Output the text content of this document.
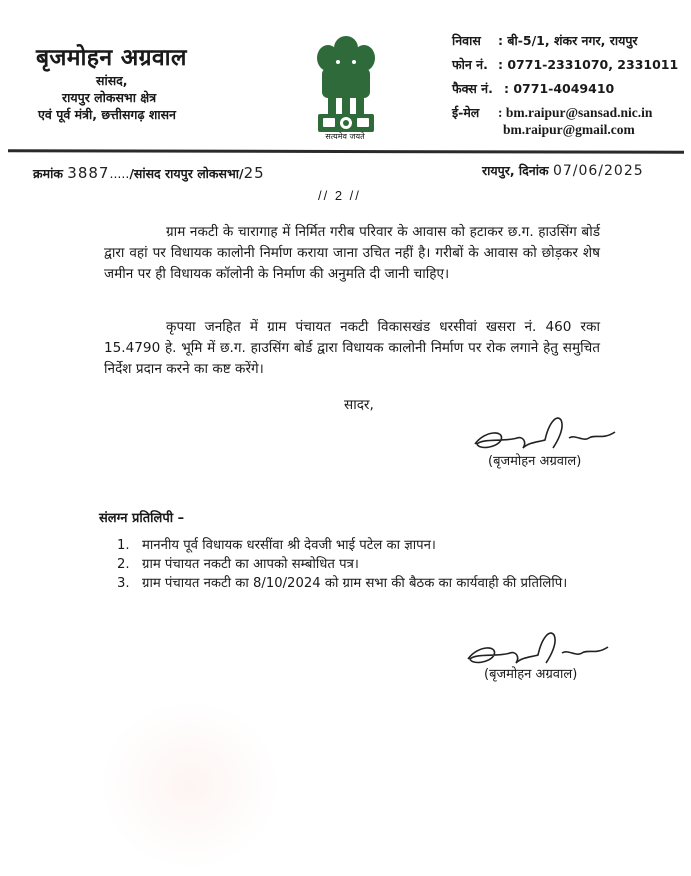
बृजमोहन अग्रवाल
सांसद,
रायपुर लोकसभा क्षेत्र
एवं पूर्व मंत्री, छत्तीसगढ़ शासन
सत्यमेव जयते
निवास : बी-5/1, शंकर नगर, रायपुर
फोन नं. : 0771-2331070, 2331011
फैक्स नं. : 0771-4049410
ई-मेल : bm.raipur@sansad.nic.in
bm.raipur@gmail.com
क्रमांक 3887...../सांसद रायपुर लोकसभा/25	रायपुर, दिनांक 07/06/2025
// 2 //
ग्राम नकटी के चारागाह में निर्मित गरीब परिवार के आवास को हटाकर छ.ग. हाउसिंग बोर्ड द्वारा वहां पर विधायक कालोनी निर्माण कराया जाना उचित नहीं है। गरीबों के आवास को छोड़कर शेष जमीन पर ही विधायक कॉलोनी के निर्माण की अनुमति दी जानी चाहिए।
कृपया जनहित में ग्राम पंचायत नकटी विकासखंड धरसीवां खसरा नं. 460 रका 15.4790 हे. भूमि में छ.ग. हाउसिंग बोर्ड द्वारा विधायक कालोनी निर्माण पर रोक लगाने हेतु समुचित निर्देश प्रदान करने का कष्ट करेंगे।
सादर,
(बृजमोहन अग्रवाल)
संलग्न प्रतिलिपी –
1. माननीय पूर्व विधायक धरसींवा श्री देवजी भाई पटेल का ज्ञापन।
2. ग्राम पंचायत नकटी का आपको सम्बोधित पत्र।
3. ग्राम पंचायत नकटी का 8/10/2024 को ग्राम सभा की बैठक का कार्यवाही की प्रतिलिपि।
(बृजमोहन अग्रवाल)
